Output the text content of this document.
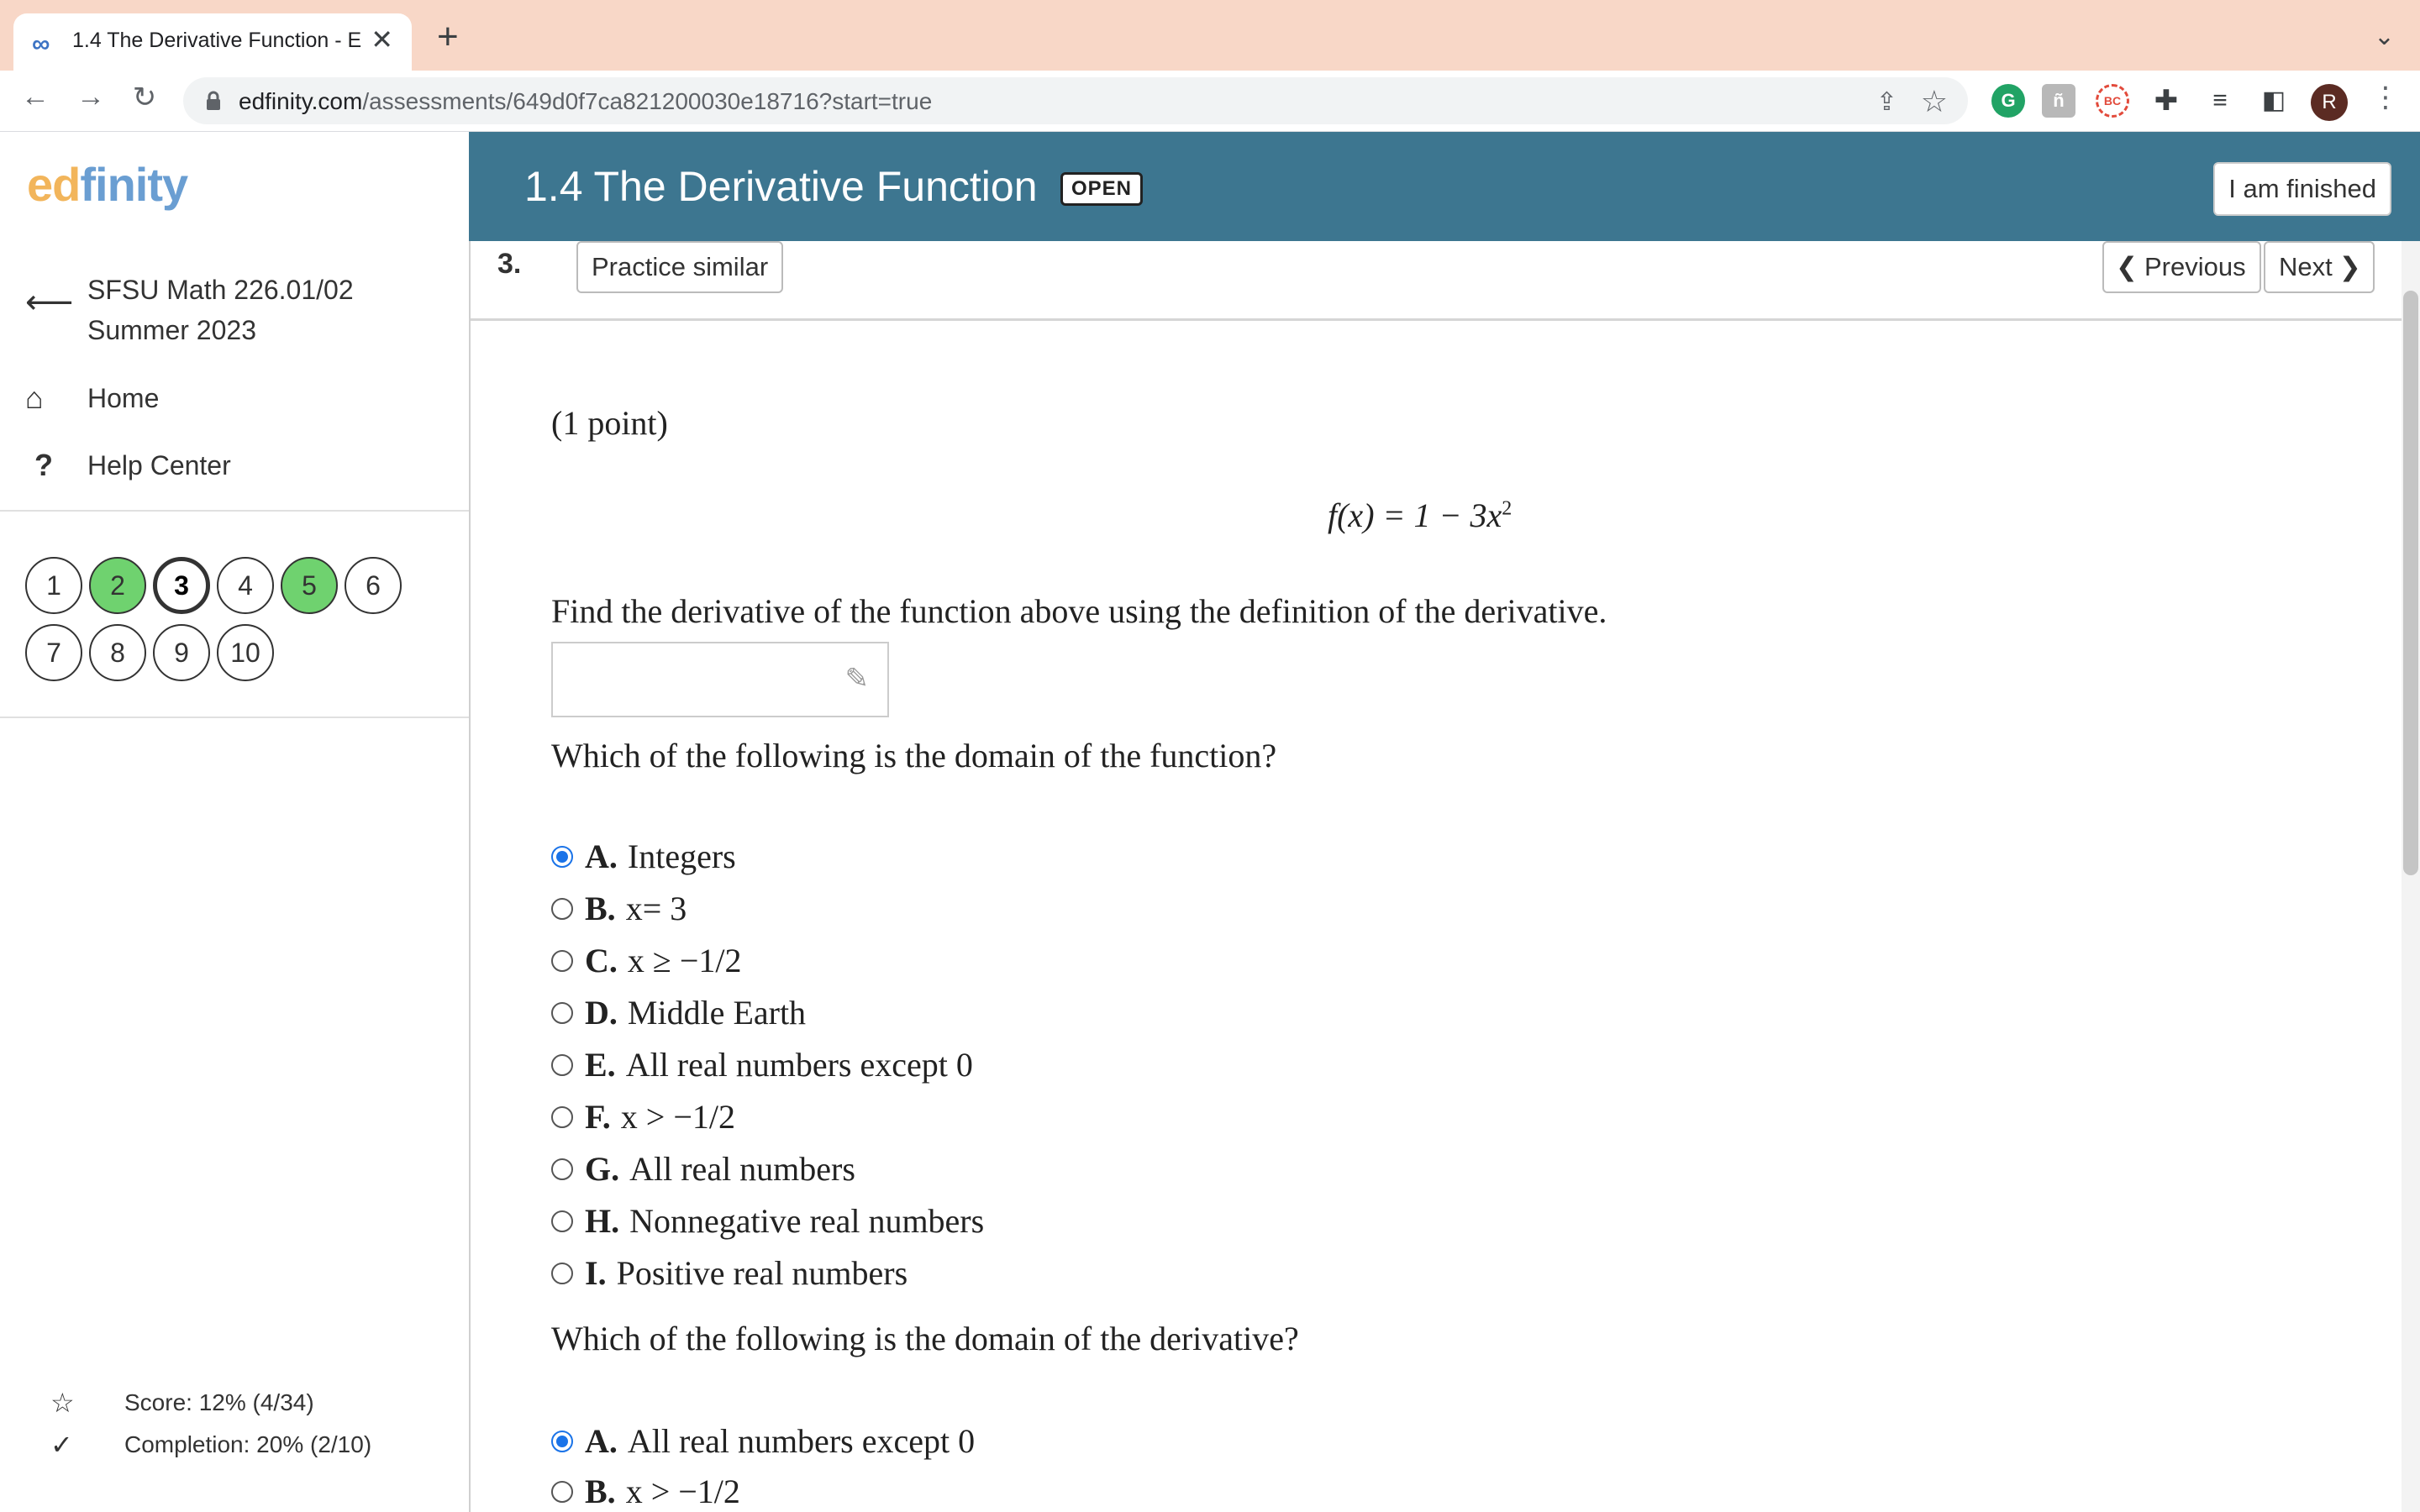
∞ 1.4 The Derivative Function - E ✕ +	⌄
← → ↻	edfinity.com/assessments/649d0f7ca821200030e18716?start=true	⇪ ☆	G	ñ	BC ✚	≡	◧	R	⋮
edfinity
⟵ SFSU Math 226.01/02
Summer 2023
⌂	Home
?	Help Center
1	2	3	4	5	6
7	8	9	10
☆	Score: 12% (4/34)
✓	Completion: 20% (2/10)
1.4 The Derivative Function	OPEN	I am finished
3.	Practice similar	❮ Previous	Next ❯
(1 point)
$f(x) = 1 - 3x^2$
Find the derivative of the function above using the definition of the derivative.
✎
Which of the following is the domain of the function?
A. Integers
B. x= 3
C. x ≥ −1/2
D. Middle Earth
E. All real numbers except 0
F. x > −1/2
G. All real numbers
H. Nonnegative real numbers
I. Positive real numbers
Which of the following is the domain of the derivative?
A. All real numbers except 0
B. x > −1/2
